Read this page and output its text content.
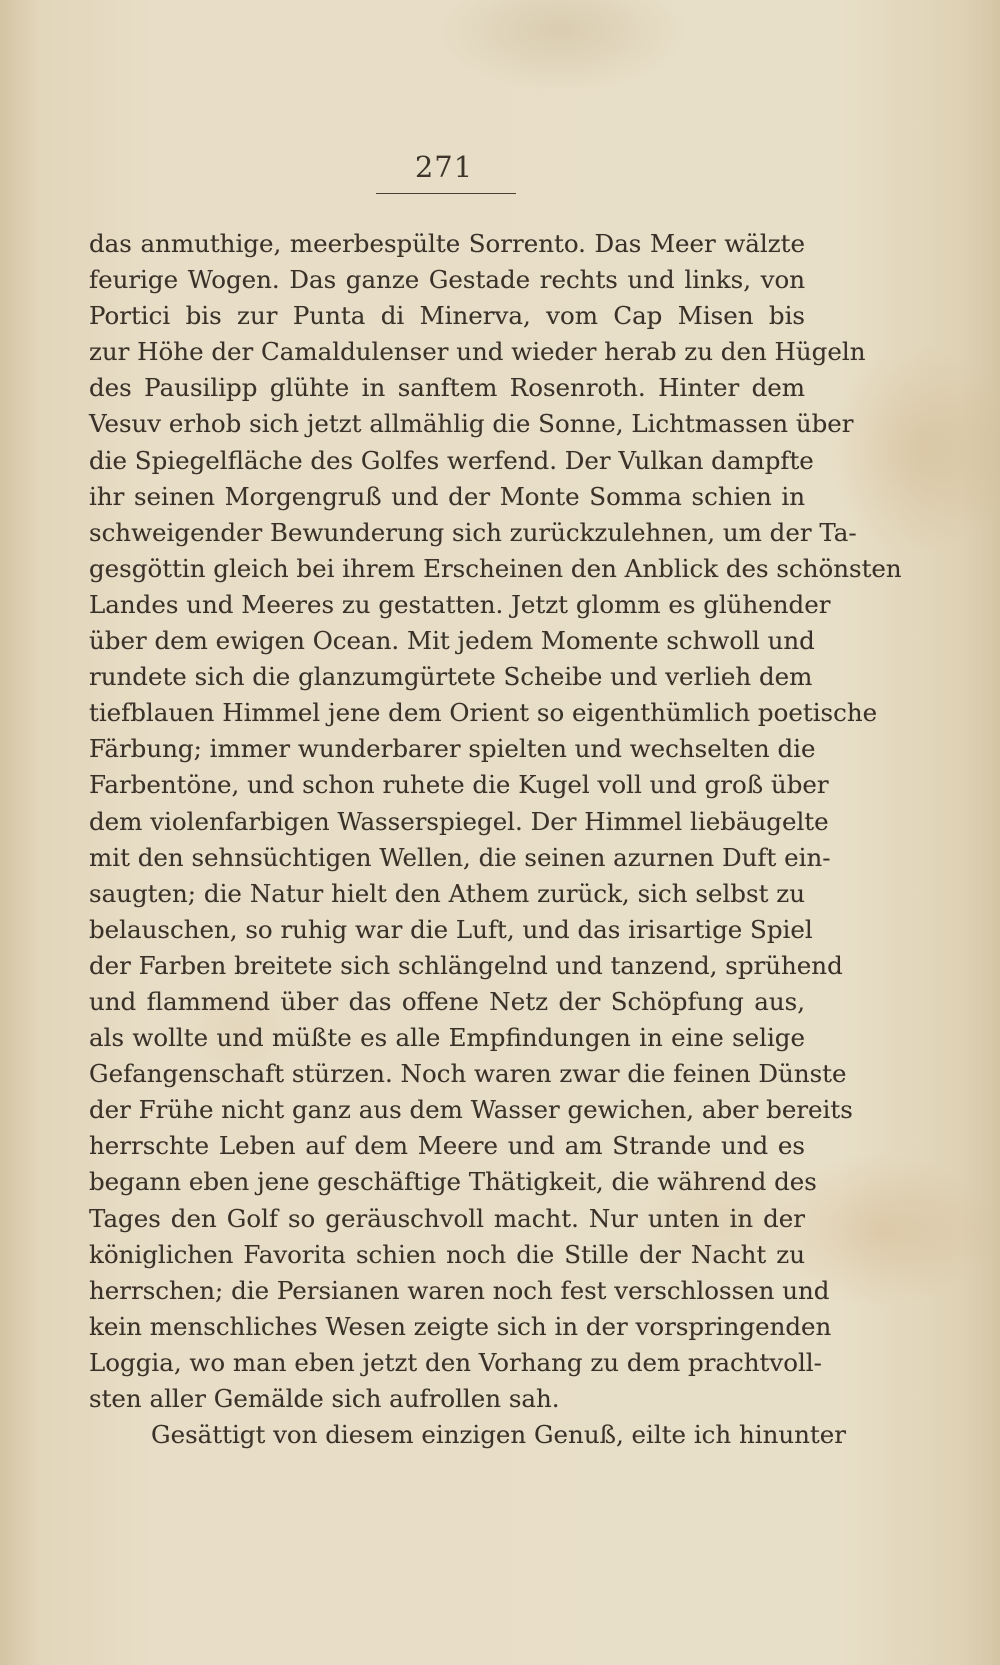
271
das anmuthige, meerbespülte Sorrento. Das Meer wälzte
feurige Wogen. Das ganze Gestade rechts und links, von
Portici bis zur Punta di Minerva, vom Cap Misen bis
zur Höhe der Camaldulenser und wieder herab zu den Hügeln
des Pausilipp glühte in sanftem Rosenroth. Hinter dem
Vesuv erhob sich jetzt allmählig die Sonne, Lichtmassen über
die Spiegelfläche des Golfes werfend. Der Vulkan dampfte
ihr seinen Morgengruß und der Monte Somma schien in
schweigender Bewunderung sich zurückzulehnen, um der Ta-
gesgöttin gleich bei ihrem Erscheinen den Anblick des schönsten
Landes und Meeres zu gestatten. Jetzt glomm es glühender
über dem ewigen Ocean. Mit jedem Momente schwoll und
rundete sich die glanzumgürtete Scheibe und verlieh dem
tiefblauen Himmel jene dem Orient so eigenthümlich poetische
Färbung; immer wunderbarer spielten und wechselten die
Farbentöne, und schon ruhete die Kugel voll und groß über
dem violenfarbigen Wasserspiegel. Der Himmel liebäugelte
mit den sehnsüchtigen Wellen, die seinen azurnen Duft ein-
saugten; die Natur hielt den Athem zurück, sich selbst zu
belauschen, so ruhig war die Luft, und das irisartige Spiel
der Farben breitete sich schlängelnd und tanzend, sprühend
und flammend über das offene Netz der Schöpfung aus,
als wollte und müßte es alle Empfindungen in eine selige
Gefangenschaft stürzen. Noch waren zwar die feinen Dünste
der Frühe nicht ganz aus dem Wasser gewichen, aber bereits
herrschte Leben auf dem Meere und am Strande und es
begann eben jene geschäftige Thätigkeit, die während des
Tages den Golf so geräuschvoll macht. Nur unten in der
königlichen Favorita schien noch die Stille der Nacht zu
herrschen; die Persianen waren noch fest verschlossen und
kein menschliches Wesen zeigte sich in der vorspringenden
Loggia, wo man eben jetzt den Vorhang zu dem prachtvoll-
sten aller Gemälde sich aufrollen sah.
Gesättigt von diesem einzigen Genuß, eilte ich hinunter
